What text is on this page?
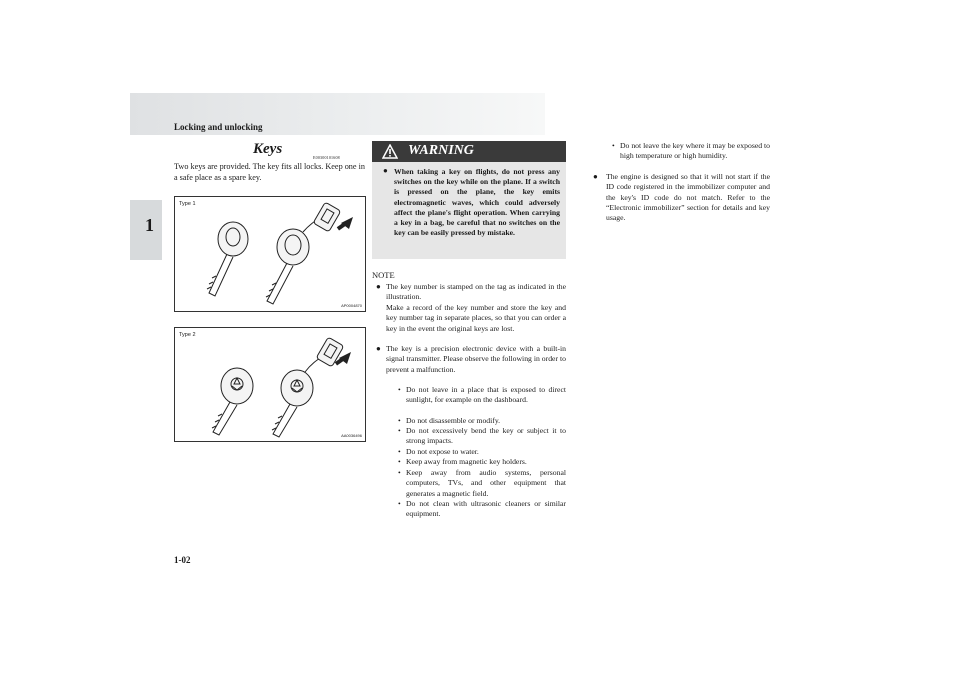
Locking and unlocking
1
1-02
Keys
E00300101608
Two keys are provided. The key fits all locks. Keep one in a safe place as a spare key.
Type 1
AP0004870
Type 2
AA0036496
WARNING
● When taking a key on flights, do not press any switches on the key while on the plane. If a switch is pressed on the plane, the key emits electromagnetic waves, which could adversely affect the plane's flight operation. When carrying a key in a bag, be careful that no switches on the key can be easily pressed by mistake.
NOTE
● The key number is stamped on the tag as indicated in the illustration.
Make a record of the key number and store the key and key number tag in separate places, so that you can order a key in the event the original keys are lost.
● The key is a precision electronic device with a built-in signal transmitter. Please observe the following in order to prevent a malfunction.
• Do not leave in a place that is exposed to direct sunlight, for example on the dashboard.
• Do not disassemble or modify.
• Do not excessively bend the key or subject it to strong impacts.
• Do not expose to water.
• Keep away from magnetic key holders.
• Keep away from audio systems, personal computers, TVs, and other equipment that generates a magnetic field.
• Do not clean with ultrasonic cleaners or similar equipment.
• Do not leave the key where it may be exposed to high temperature or high humidity.
● The engine is designed so that it will not start if the ID code registered in the immobilizer computer and the key's ID code do not match. Refer to the “Electronic immobilizer” section for details and key usage.
